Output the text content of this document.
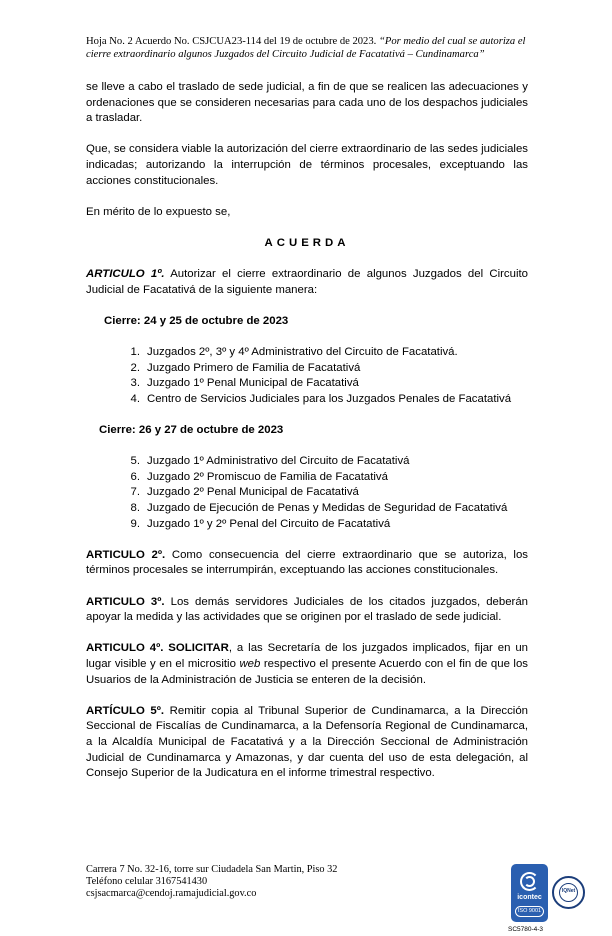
Hoja No. 2 Acuerdo No. CSJCUA23-114 del 19 de octubre de 2023. “Por medio del cual se autoriza el cierre extraordinario algunos Juzgados del Circuito Judicial de Facatativá – Cundinamarca”

se lleve a cabo el traslado de sede judicial, a fin de que se realicen las adecuaciones y ordenaciones que se consideren necesarias para cada uno de los despachos judiciales a trasladar.

Que, se considera viable la autorización del cierre extraordinario de las sedes judiciales indicadas; autorizando la interrupción de términos procesales, exceptuando las acciones constitucionales.

En mérito de lo expuesto se,

ACUERDA

ARTICULO 1º. Autorizar el cierre extraordinario de algunos Juzgados del Circuito Judicial de Facatativá de la siguiente manera:

Cierre: 24 y 25 de octubre de 2023

1. Juzgados 2º, 3º y 4º Administrativo del Circuito de Facatativá.
2. Juzgado Primero de Familia de Facatativá
3. Juzgado 1º Penal Municipal de Facatativá
4. Centro de Servicios Judiciales para los Juzgados Penales de Facatativá

Cierre: 26 y 27 de octubre de 2023

5. Juzgado 1º Administrativo del Circuito de Facatativá
6. Juzgado 2º Promiscuo de Familia de Facatativá
7. Juzgado 2º Penal Municipal de Facatativá
8. Juzgado de Ejecución de Penas y Medidas de Seguridad de Facatativá
9. Juzgado 1º y 2º Penal del Circuito de Facatativá

ARTICULO 2º. Como consecuencia del cierre extraordinario que se autoriza, los términos procesales se interrumpirán, exceptuando las acciones constitucionales.

ARTICULO 3º. Los demás servidores Judiciales de los citados juzgados, deberán apoyar la medida y las actividades que se originen por el traslado de sede judicial.

ARTICULO 4º. SOLICITAR, a las Secretaría de los juzgados implicados, fijar en un lugar visible y en el micrositio web respectivo el presente Acuerdo con el fin de que los Usuarios de la Administración de Justicia se enteren de la decisión.

ARTÍCULO 5º. Remitir copia al Tribunal Superior de Cundinamarca, a la Dirección Seccional de Fiscalías de Cundinamarca, a la Defensoría Regional de Cundinamarca, a la Alcaldía Municipal de Facatativá y a la Dirección Seccional de Administración Judicial de Cundinamarca y Amazonas, y dar cuenta del uso de esta delegación, al Consejo Superior de la Judicatura en el informe trimestral respectivo.

Carrera 7 No. 32-16, torre sur Ciudadela San Martin, Piso 32
Teléfono celular 3167541430
csjsacmarca@cendoj.ramajudicial.gov.co	icontec
ISO 9001
IQNet
SC5780-4-3
